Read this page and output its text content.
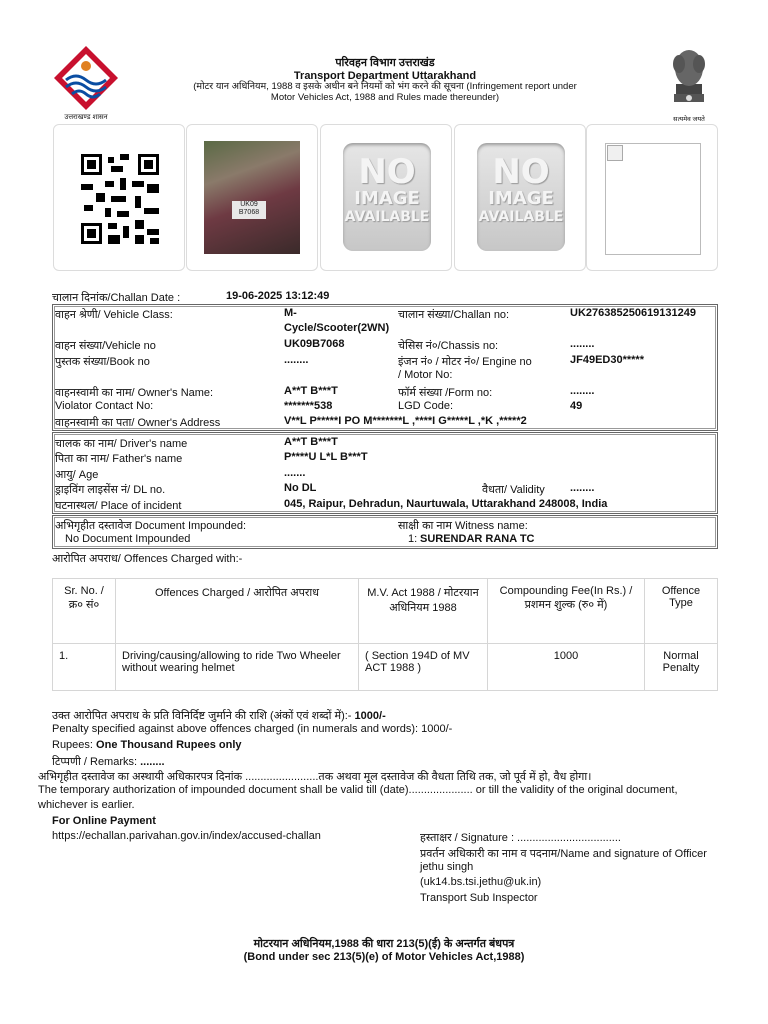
उत्तराखण्ड शासन
परिवहन विभाग उत्तराखंड
Transport Department Uttarakhand
(मोटर यान अधिनियम, 1988 व इसके अधीन बने नियमों को भंग करने की सूचना (Infringement report under Motor Vehicles Act, 1988 and Rules made thereunder)
सत्यमेव जयते
UK09 B7068
NO
IMAGE
AVAILABLE
NO
IMAGE
AVAILABLE
चालान दिनांक/Challan Date :	19-06-2025 13:12:49
वाहन श्रेणी/ Vehicle Class:	M-
Cycle/Scooter(2WN)
चालान संख्या/Challan no:	UK276385250619131249
वाहन संख्या/Vehicle no	UK09B7068	चेसिस नं०/Chassis no:	........
पुस्तक संख्या/Book no	........	इंजन नं० / मोटर नं०/ Engine no
/ Motor No:
JF49ED30*****
वाहनस्वामी का नाम/ Owner's Name:	A**T B***T	फॉर्म संख्या /Form no:	........
Violator Contact No:	*******538	LGD Code:	49
वाहनस्वामी का पता/ Owner's Address	V**L P*****I PO M*******L ,****I G*****L ,*K ,*****2
चालक का नाम/ Driver's name	A**T B***T
पिता का नाम/ Father's name	P****U L*L B***T
आयु/ Age	.......
ड्राइविंग लाइसेंस नं/ DL no.	No DL	वैधता/ Validity ........
घटनास्थल/ Place of incident	045, Raipur, Dehradun, Naurtuwala, Uttarakhand 248008, India
अभिगृहीत दस्तावेज Document Impounded:
No Document Impounded
साक्षी का नाम Witness name:
1: SURENDAR RANA TC
आरोपित अपराध/ Offences Charged with:-
Sr. No. / क्र० सं०	Offences Charged / आरोपित अपराध	M.V. Act 1988 / मोटरयान अधिनियम 1988	Compounding Fee(In Rs.) / प्रशमन शुल्क (रु० में)	Offence Type
1.	Driving/causing/allowing to ride Two Wheeler without wearing helmet	( Section 194D of MV ACT 1988 )	1000	Normal Penalty
उक्त आरोपित अपराध के प्रति विनिर्दिष्ट जुर्माने की राशि (अंकों एवं शब्दों में):- 1000/-
Penalty specified against above offences charged (in numerals and words): 1000/-
Rupees: One Thousand Rupees only
टिप्पणी / Remarks: ........
अभिगृहीत दस्तावेज का अस्थायी अधिकारपत्र दिनांक ........................तक अथवा मूल दस्तावेज की वैधता तिथि तक, जो पूर्व में हो, वैध होगा।
The temporary authorization of impounded document shall be valid till (date)..................... or till the validity of the original document,
whichever is earlier.
For Online Payment
https://echallan.parivahan.gov.in/index/accused-challan	हस्ताक्षर / Signature : ..................................
प्रवर्तन अधिकारी का नाम व पदनाम/Name and signature of Officer
jethu singh
(uk14.bs.tsi.jethu@uk.in)
Transport Sub Inspector
मोटरयान अधिनियम,1988 की धारा 213(5)(ई) के अन्तर्गत बंधपत्र
(Bond under sec 213(5)(e) of Motor Vehicles Act,1988)
